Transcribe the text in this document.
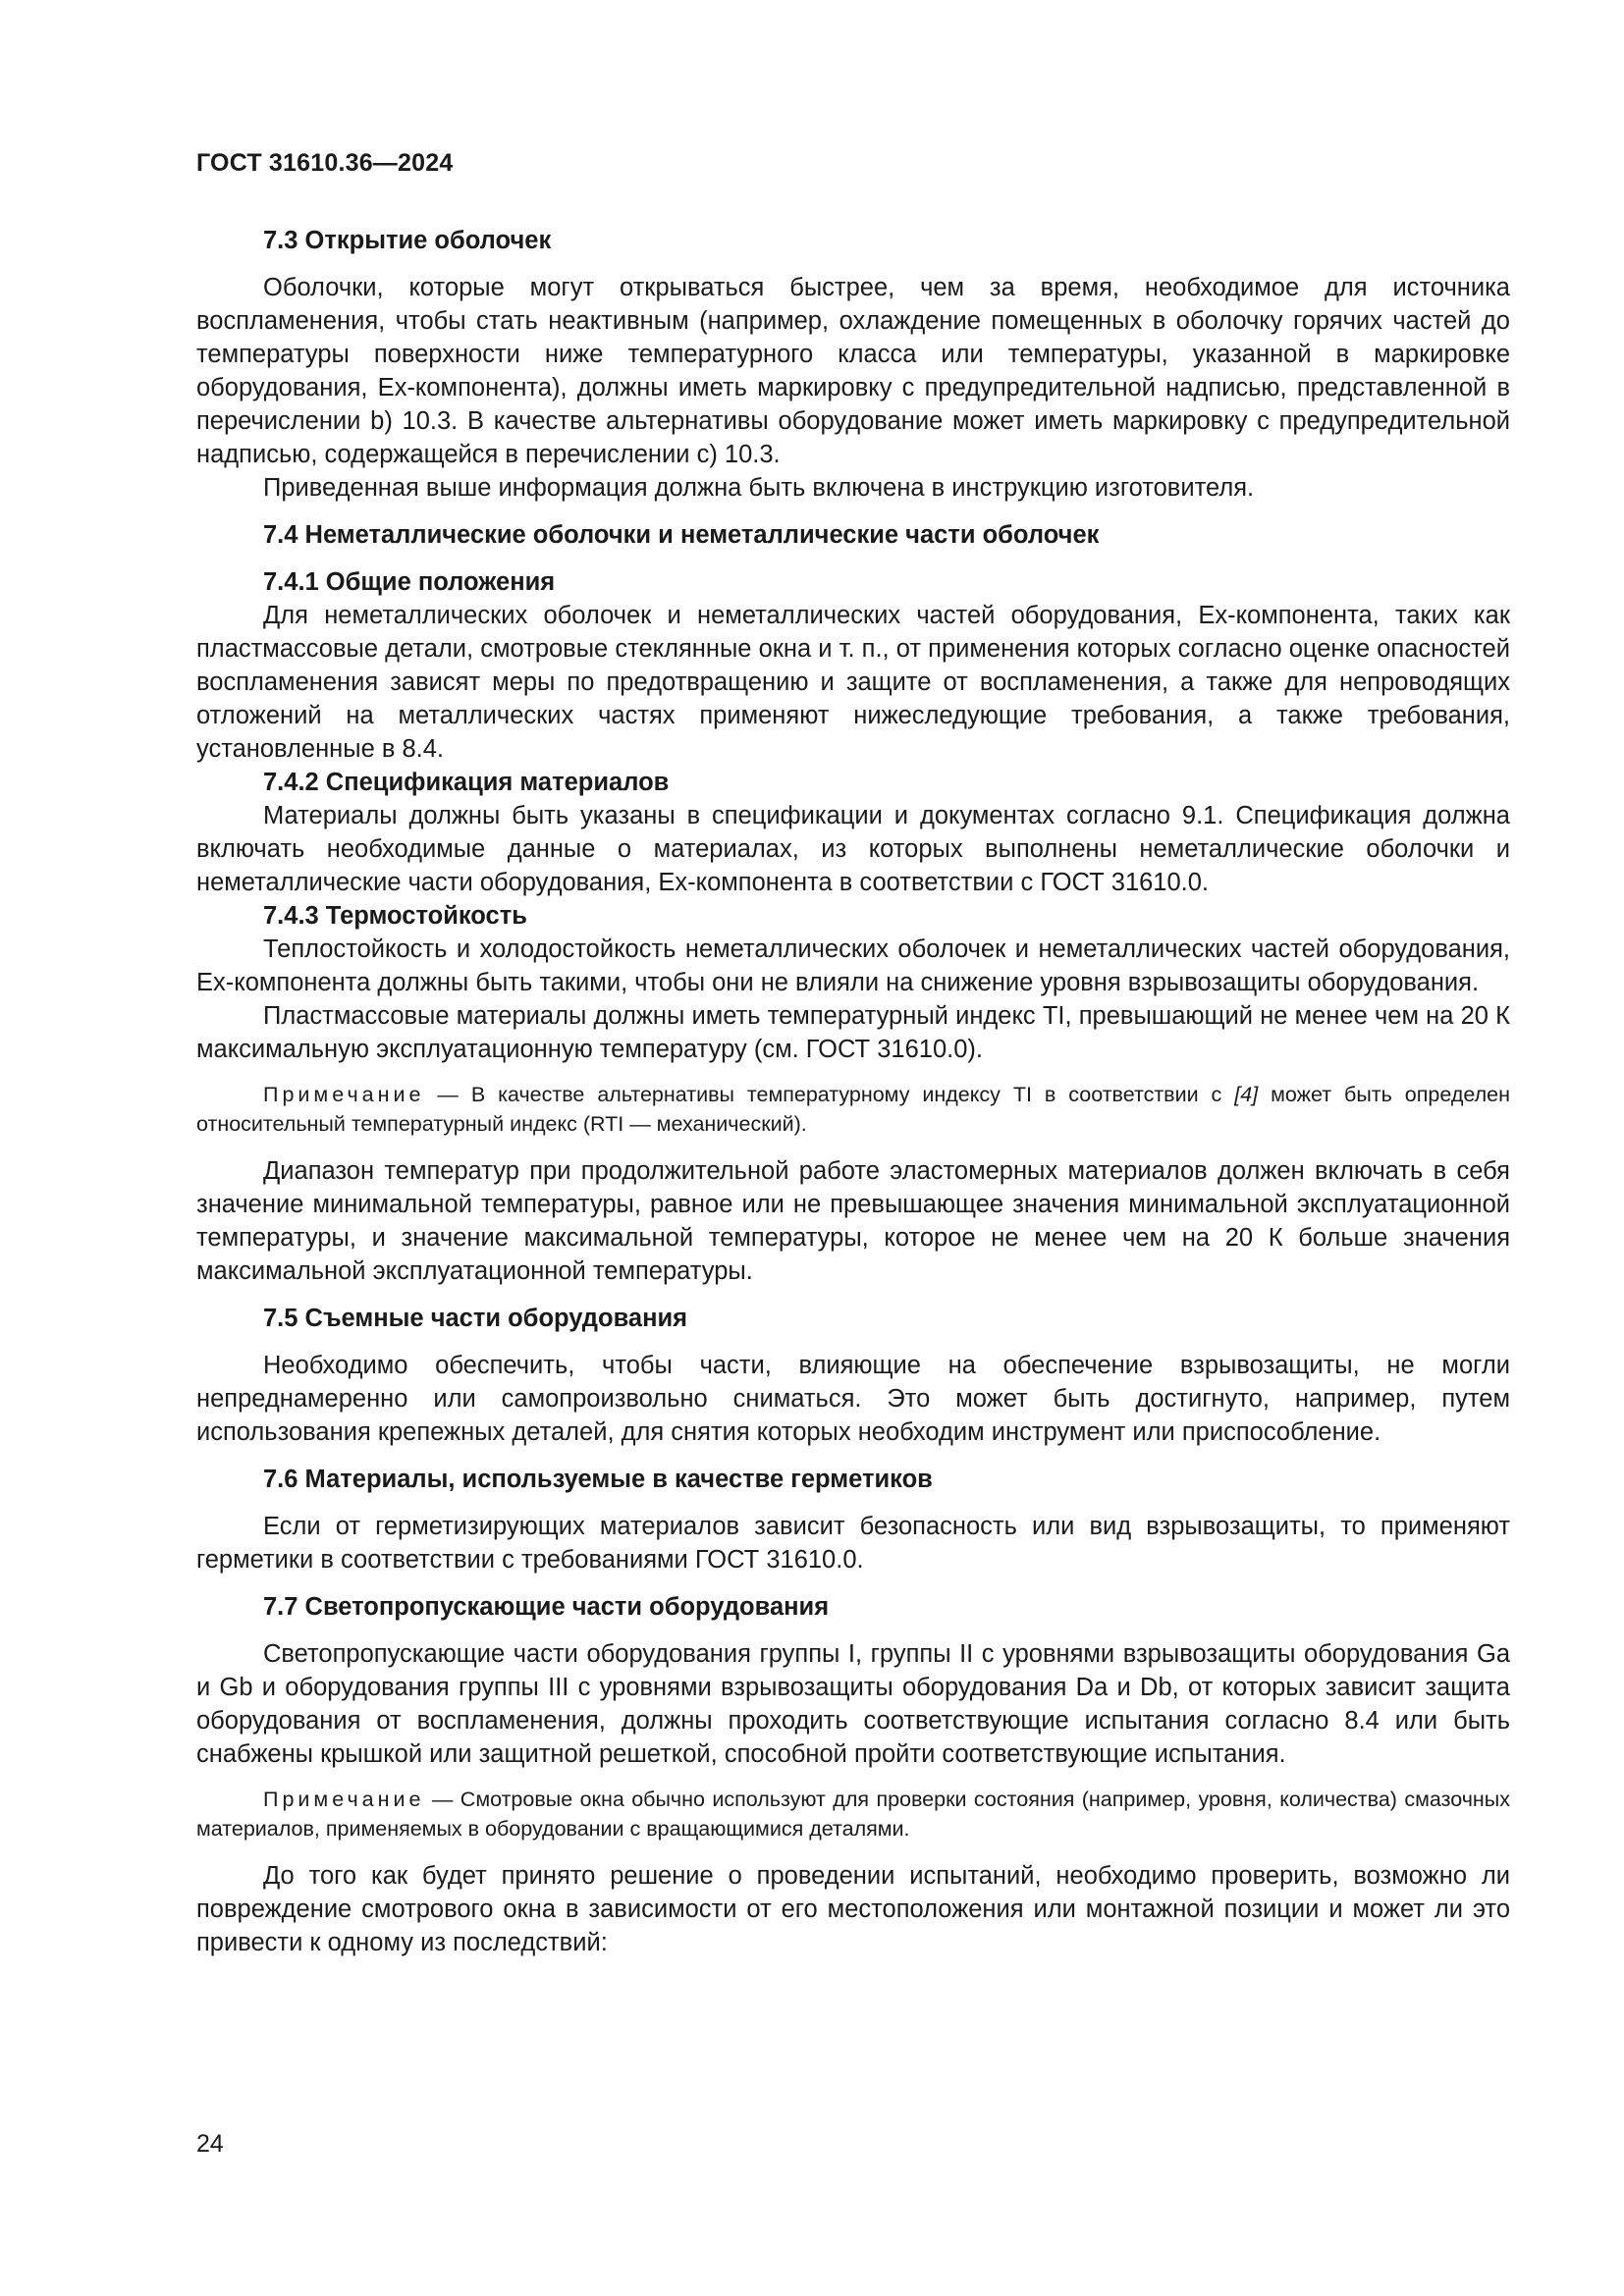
ГОСТ 31610.36—2024

7.3 Открытие оболочек

Оболочки, которые могут открываться быстрее, чем за время, необходимое для источника воспламенения, чтобы стать неактивным (например, охлаждение помещенных в оболочку горячих частей до температуры поверхности ниже температурного класса или температуры, указанной в маркировке оборудования, Ех-компонента), должны иметь маркировку с предупредительной надписью, представленной в перечислении b) 10.3. В качестве альтернативы оборудование может иметь маркировку с предупредительной надписью, содержащейся в перечислении с) 10.3.

Приведенная выше информация должна быть включена в инструкцию изготовителя.

7.4 Неметаллические оболочки и неметаллические части оболочек

7.4.1 Общие положения

Для неметаллических оболочек и неметаллических частей оборудования, Ех-компонента, таких как пластмассовые детали, смотровые стеклянные окна и т. п., от применения которых согласно оценке опасностей воспламенения зависят меры по предотвращению и защите от воспламенения, а также для непроводящих отложений на металлических частях применяют нижеследующие требования, а также требования, установленные в 8.4.

7.4.2 Спецификация материалов

Материалы должны быть указаны в спецификации и документах согласно 9.1. Спецификация должна включать необходимые данные о материалах, из которых выполнены неметаллические оболочки и неметаллические части оборудования, Ех-компонента в соответствии с ГОСТ 31610.0.

7.4.3 Термостойкость

Теплостойкость и холодостойкость неметаллических оболочек и неметаллических частей оборудования, Ех-компонента должны быть такими, чтобы они не влияли на снижение уровня взрывозащиты оборудования.

Пластмассовые материалы должны иметь температурный индекс TI, превышающий не менее чем на 20 К максимальную эксплуатационную температуру (см. ГОСТ 31610.0).

Примечание — В качестве альтернативы температурному индексу TI в соответствии с [4] может быть определен относительный температурный индекс (RTI — механический).

Диапазон температур при продолжительной работе эластомерных материалов должен включать в себя значение минимальной температуры, равное или не превышающее значения минимальной эксплуатационной температуры, и значение максимальной температуры, которое не менее чем на 20 К больше значения максимальной эксплуатационной температуры.

7.5 Съемные части оборудования

Необходимо обеспечить, чтобы части, влияющие на обеспечение взрывозащиты, не могли непреднамеренно или самопроизвольно сниматься. Это может быть достигнуто, например, путем использования крепежных деталей, для снятия которых необходим инструмент или приспособление.

7.6 Материалы, используемые в качестве герметиков

Если от герметизирующих материалов зависит безопасность или вид взрывозащиты, то применяют герметики в соответствии с требованиями ГОСТ 31610.0.

7.7 Светопропускающие части оборудования

Светопропускающие части оборудования группы I, группы II с уровнями взрывозащиты оборудования Ga и Gb и оборудования группы III с уровнями взрывозащиты оборудования Da и Db, от которых зависит защита оборудования от воспламенения, должны проходить соответствующие испытания согласно 8.4 или быть снабжены крышкой или защитной решеткой, способной пройти соответствующие испытания.

Примечание — Смотровые окна обычно используют для проверки состояния (например, уровня, количества) смазочных материалов, применяемых в оборудовании с вращающимися деталями.

До того как будет принято решение о проведении испытаний, необходимо проверить, возможно ли повреждение смотрового окна в зависимости от его местоположения или монтажной позиции и может ли это привести к одному из последствий:

24
